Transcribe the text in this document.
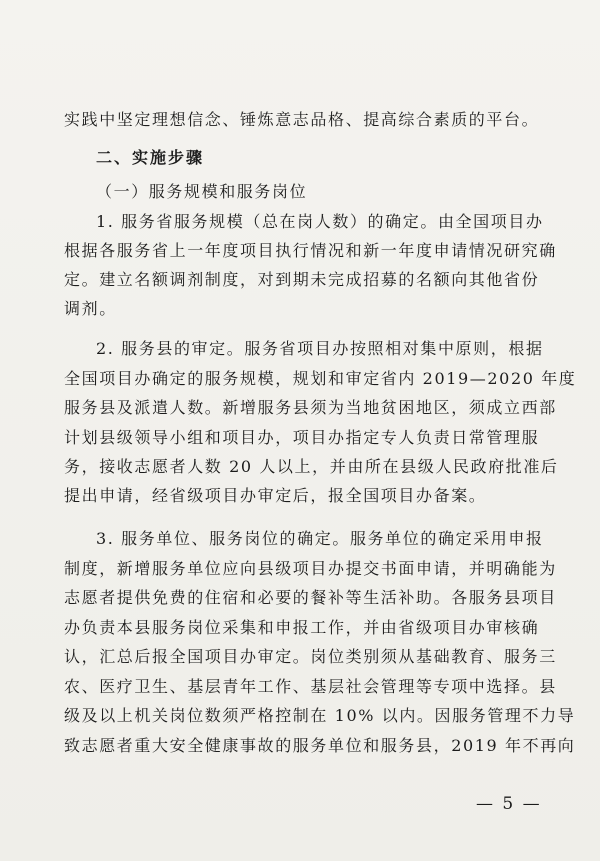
实践中坚定理想信念、锤炼意志品格、提高综合素质的平台。
二、实施步骤
（一）服务规模和服务岗位
1. 服务省服务规模（总在岗人数）的确定。由全国项目办
根据各服务省上一年度项目执行情况和新一年度申请情况研究确
定。建立名额调剂制度，对到期未完成招募的名额向其他省份
调剂。
2. 服务县的审定。服务省项目办按照相对集中原则，根据
全国项目办确定的服务规模，规划和审定省内 2019—2020 年度
服务县及派遣人数。新增服务县须为当地贫困地区，须成立西部
计划县级领导小组和项目办，项目办指定专人负责日常管理服
务，接收志愿者人数 20 人以上，并由所在县级人民政府批准后
提出申请，经省级项目办审定后，报全国项目办备案。
3. 服务单位、服务岗位的确定。服务单位的确定采用申报
制度，新增服务单位应向县级项目办提交书面申请，并明确能为
志愿者提供免费的住宿和必要的餐补等生活补助。各服务县项目
办负责本县服务岗位采集和申报工作，并由省级项目办审核确
认，汇总后报全国项目办审定。岗位类别须从基础教育、服务三
农、医疗卫生、基层青年工作、基层社会管理等专项中选择。县
级及以上机关岗位数须严格控制在 10% 以内。因服务管理不力导
致志愿者重大安全健康事故的服务单位和服务县，2019 年不再向
— 5 —
